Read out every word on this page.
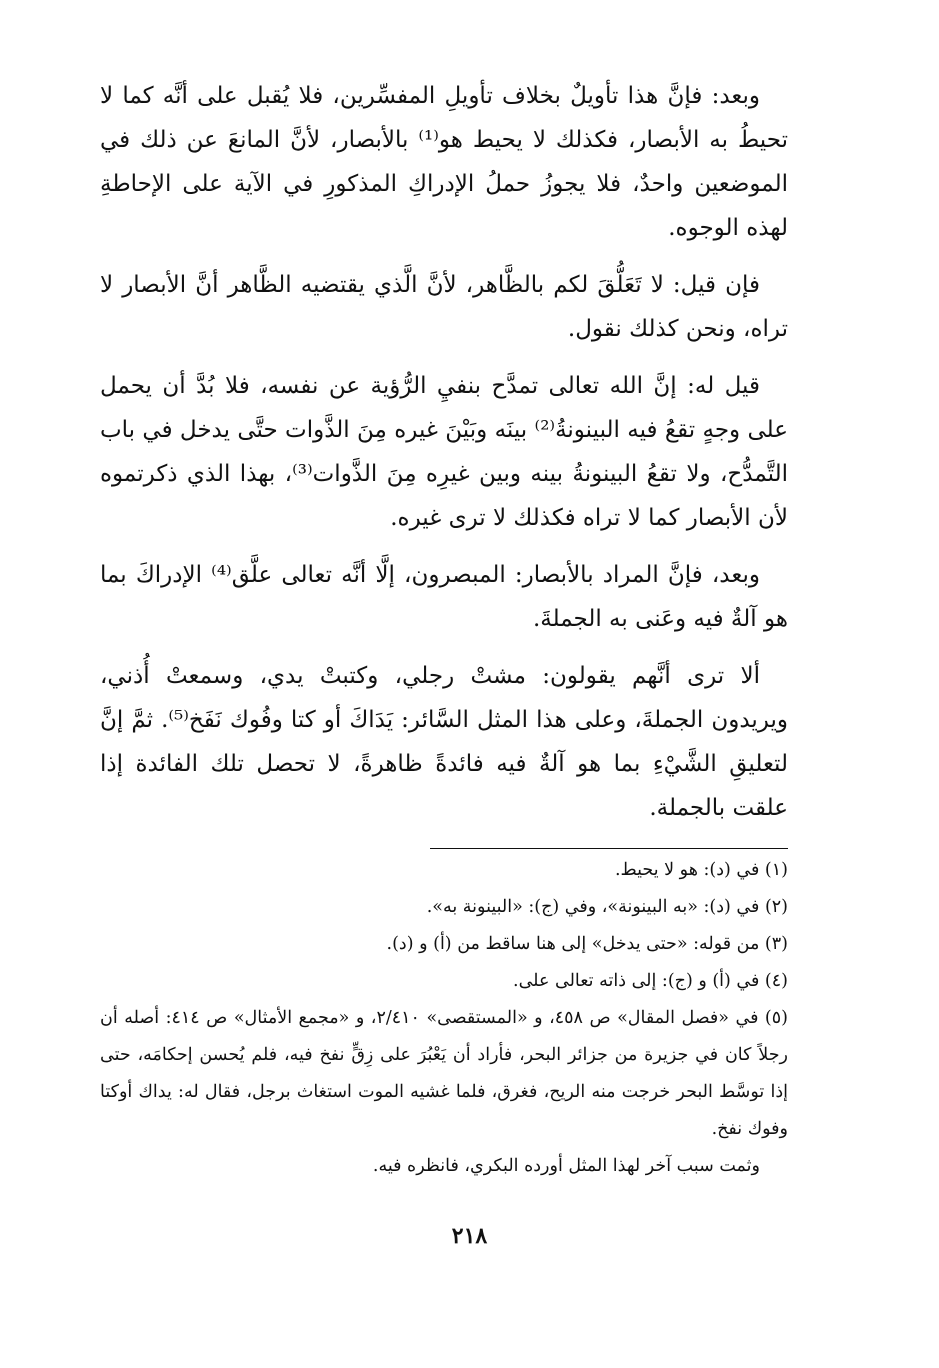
وبعد: فإنَّ هذا تأويلٌ بخلاف تأويلِ المفسِّرين، فلا يُقبل على أنَّه كما لا تحيطُ به الأبصار، فكذلك لا يحيط هو⁽¹⁾ بالأبصار، لأنَّ المانعَ عن ذلك في الموضعين واحدٌ، فلا يجوزُ حملُ الإدراكِ المذكورِ في الآية على الإحاطةِ لهذه الوجوه.

فإن قيل: لا تَعَلُّقَ لكم بالظَّاهر، لأنَّ الَّذي يقتضيه الظَّاهر أنَّ الأبصار لا تراه، ونحن كذلك نقول.

قيل له: إنَّ الله تعالى تمدَّح بنفيِ الرُّؤية عن نفسه، فلا بُدَّ أن يحمل على وجهٍ تقعُ فيه البينونةُ⁽²⁾ بينَه وبَيْنَ غيره مِنَ الذَّوات حتَّى يدخل في باب التَّمدُّح، ولا تقعُ البينونةُ بينه وبين غيرِه مِنَ الذَّوات⁽³⁾، بهذا الذي ذكرتموه لأن الأبصار كما لا تراه فكذلك لا ترى غيره.

وبعد، فإنَّ المراد بالأبصار: المبصرون، إلَّا أنَّه تعالى علَّق⁽⁴⁾ الإدراكَ بما هو آلةٌ فيه وعَنى به الجملةَ.

ألا ترى أنَّهم يقولون: مشتْ رجلي، وكتبتْ يدي، وسمعتْ أُذني، ويريدون الجملةَ، وعلى هذا المثل السَّائر: يَدَاكَ أو كتا وفُوك نَفَخ⁽⁵⁾. ثمَّ إنَّ لتعليقِ الشَّيْءِ بما هو آلةٌ فيه فائدةً ظاهرةً، لا تحصل تلك الفائدة إذا علقت بالجملة.

(١) في (د): هو لا يحيط.

(٢) في (د): «به البينونة»، وفي (ج): «البينونة به».

(٣) من قوله: «حتى يدخل» إلى هنا ساقط من (أ) و (د).

(٤) في (أ) و (ج): إلى ذاته تعالى على.

(٥) في «فصل المقال» ص ٤٥٨، و «المستقصى» ٢/٤١٠، و «مجمع الأمثال» ص ٤١٤: أصله أن رجلاً كان في جزيرة من جزائر البحر، فأراد أن يَعْبُرَ على زِقٍّ نفخ فيه، فلم يُحسن إحكامَه، حتى إذا توسَّط البحر خرجت منه الريح، فغرق، فلما غشيه الموت استغاث برجل، فقال له: يداك أوكتا وفوك نفخ.

وثمت سبب آخر لهذا المثل أورده البكري، فانظره فيه.

٢١٨
